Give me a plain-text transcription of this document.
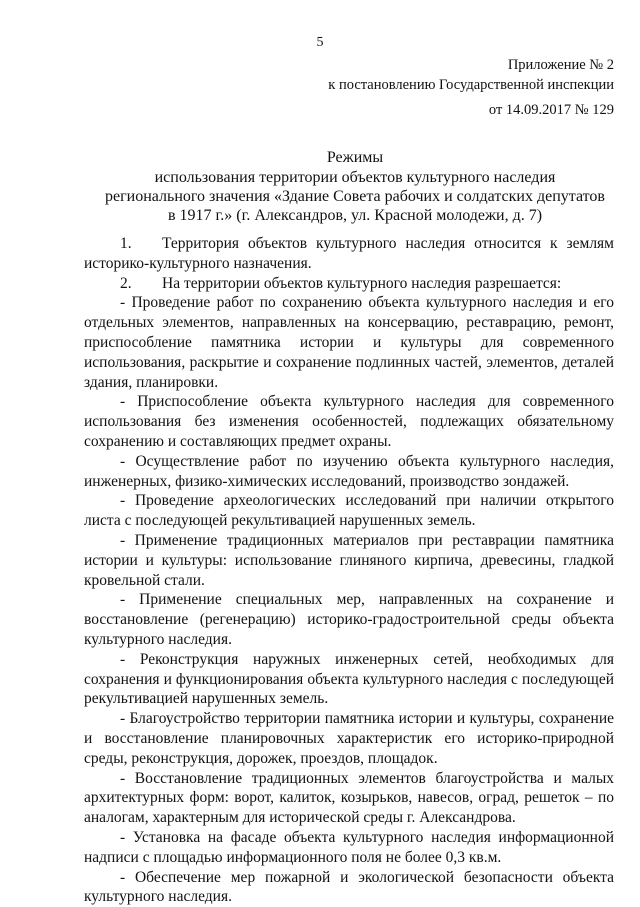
5
Приложение № 2
к постановлению Государственной инспекции
от 14.09.2017 № 129
Режимы
использования территории объектов культурного наследия
регионального значения «Здание Совета рабочих и солдатских депутатов
в 1917 г.» (г. Александров, ул. Красной молодежи, д. 7)

1. Территория объектов культурного наследия относится к землям историко-культурного назначения.

2. На территории объектов культурного наследия разрешается:

- Проведение работ по сохранению объекта культурного наследия и его отдельных элементов, направленных на консервацию, реставрацию, ремонт, приспособление памятника истории и культуры для современного использования, раскрытие и сохранение подлинных частей, элементов, деталей здания, планировки.

- Приспособление объекта культурного наследия для современного использования без изменения особенностей, подлежащих обязательному сохранению и составляющих предмет охраны.

- Осуществление работ по изучению объекта культурного наследия, инженерных, физико-химических исследований, производство зондажей.

- Проведение археологических исследований при наличии открытого листа с последующей рекультивацией нарушенных земель.

- Применение традиционных материалов при реставрации памятника истории и культуры: использование глиняного кирпича, древесины, гладкой кровельной стали.

- Применение специальных мер, направленных на сохранение и восстановление (регенерацию) историко-градостроительной среды объекта культурного наследия.

- Реконструкция наружных инженерных сетей, необходимых для сохранения и функционирования объекта культурного наследия с последующей рекультивацией нарушенных земель.

- Благоустройство территории памятника истории и культуры, сохранение и восстановление планировочных характеристик его историко-природной среды, реконструкция, дорожек, проездов, площадок.

- Восстановление традиционных элементов благоустройства и малых архитектурных форм: ворот, калиток, козырьков, навесов, оград, решеток – по аналогам, характерным для исторической среды г. Александрова.

- Установка на фасаде объекта культурного наследия информационной надписи с площадью информационного поля не более 0,3 кв.м.

- Обеспечение мер пожарной и экологической безопасности объекта культурного наследия.
